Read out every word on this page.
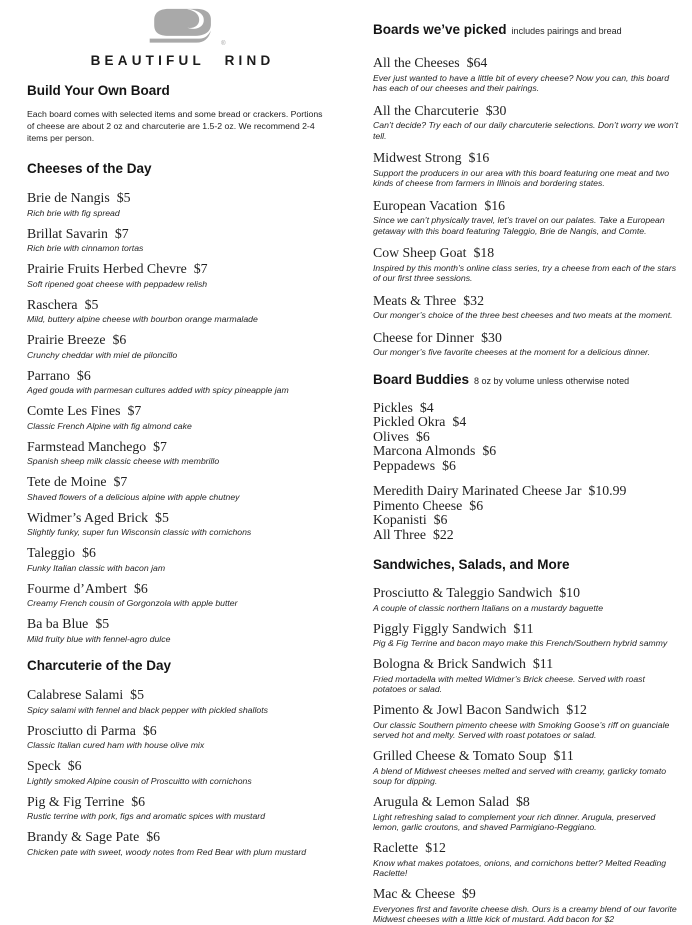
®
BEAUTIFUL RIND
Build Your Own Board

Each board comes with selected items and some bread or crackers. Portions of cheese are about 2 oz and charcuterie are 1.5-2 oz. We recommend 2-4 items per person.

Cheeses of the Day
Brie de Nangis $5
Rich brie with fig spread
Brillat Savarin $7
Rich brie with cinnamon tortas
Prairie Fruits Herbed Chevre $7
Soft ripened goat cheese with peppadew relish
Raschera $5
Mild, buttery alpine cheese with bourbon orange marmalade
Prairie Breeze $6
Crunchy cheddar with miel de piloncillo
Parrano $6
Aged gouda with parmesan cultures added with spicy pineapple jam
Comte Les Fines $7
Classic French Alpine with fig almond cake
Farmstead Manchego $7
Spanish sheep milk classic cheese with membrillo
Tete de Moine $7
Shaved flowers of a delicious alpine with apple chutney
Widmer’s Aged Brick $5
Slightly funky, super fun Wisconsin classic with cornichons
Taleggio $6
Funky Italian classic with bacon jam
Fourme d’Ambert $6
Creamy French cousin of Gorgonzola with apple butter
Ba ba Blue $5
Mild fruity blue with fennel-agro dulce
Charcuterie of the Day
Calabrese Salami $5
Spicy salami with fennel and black pepper with pickled shallots
Prosciutto di Parma $6
Classic Italian cured ham with house olive mix
Speck $6
Lightly smoked Alpine cousin of Proscuitto with cornichons
Pig & Fig Terrine $6
Rustic terrine with pork, figs and aromatic spices with mustard
Brandy & Sage Pate $6
Chicken pate with sweet, woody notes from Red Bear with plum mustard
Boards we’ve picked includes pairings and bread
All the Cheeses $64
Ever just wanted to have a little bit of every cheese? Now you can, this board has each of our cheeses and their pairings.
All the Charcuterie $30
Can’t decide? Try each of our daily charcuterie selections. Don’t worry we won’t tell.
Midwest Strong $16
Support the producers in our area with this board featuring one meat and two kinds of cheese from farmers in Illinois and bordering states.
European Vacation $16
Since we can’t physically travel, let’s travel on our palates. Take a European getaway with this board featuring Taleggio, Brie de Nangis, and Comte.
Cow Sheep Goat $18
Inspired by this month’s online class series, try a cheese from each of the stars of our first three sessions.
Meats & Three $32
Our monger’s choice of the three best cheeses and two meats at the moment.
Cheese for Dinner $30
Our monger’s five favorite cheeses at the moment for a delicious dinner.
Board Buddies 8 oz by volume unless otherwise noted
Pickles $4
Pickled Okra $4
Olives $6
Marcona Almonds $6
Peppadews $6
Meredith Dairy Marinated Cheese Jar $10.99
Pimento Cheese $6
Kopanisti $6
All Three $22
Sandwiches, Salads, and More
Prosciutto & Taleggio Sandwich $10
A couple of classic northern Italians on a mustardy baguette
Piggly Figgly Sandwich $11
Pig & Fig Terrine and bacon mayo make this French/Southern hybrid sammy
Bologna & Brick Sandwich $11
Fried mortadella with melted Widmer’s Brick cheese. Served with roast potatoes or salad.
Pimento & Jowl Bacon Sandwich $12
Our classic Southern pimento cheese with Smoking Goose’s riff on guanciale served hot and melty. Served with roast potatoes or salad.
Grilled Cheese & Tomato Soup $11
A blend of Midwest cheeses melted and served with creamy, garlicky tomato soup for dipping.
Arugula & Lemon Salad $8
Light refreshing salad to complement your rich dinner. Arugula, preserved lemon, garlic croutons, and shaved Parmigiano-Reggiano.
Raclette $12
Know what makes potatoes, onions, and cornichons better? Melted Reading Raclette!
Mac & Cheese $9
Everyones first and favorite cheese dish. Ours is a creamy blend of our favorite Midwest cheeses with a little kick of mustard. Add bacon for $2
